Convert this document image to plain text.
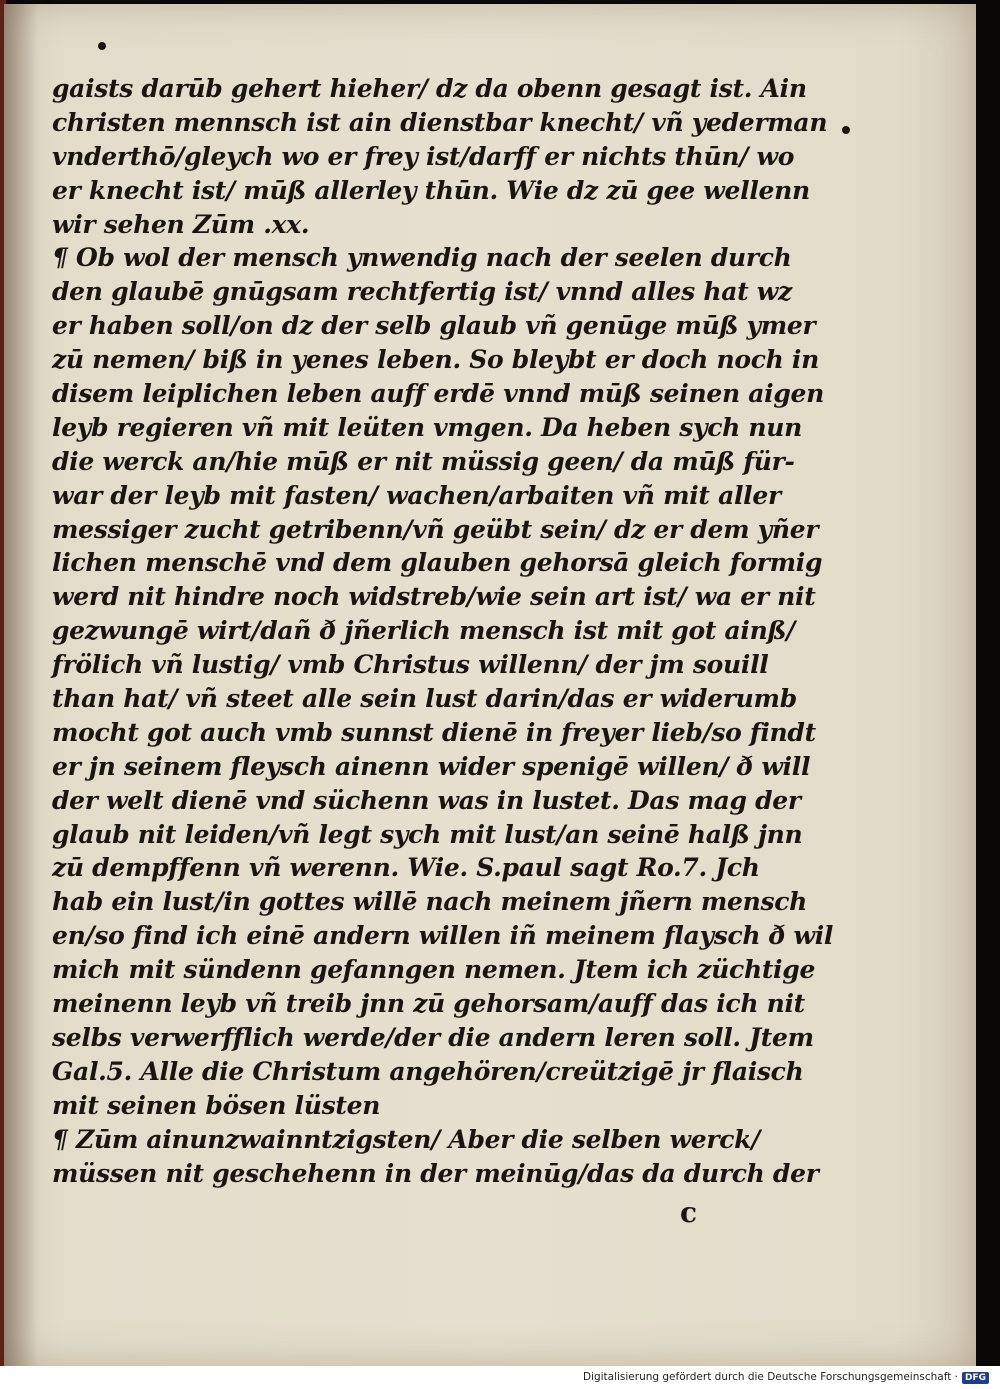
gaists darūb gehert hieher/ dz da obenn gesagt ist. Ain
christen mennsch ist ain dienstbar knecht/ vñ yederman
vnderthō/gleych wo er frey ist/darff er nichts thūn/ wo
er knecht ist/ mūß allerley thūn. Wie dz zū gee wellenn
wir sehen Zūm .xx.
¶ Ob wol der mensch ynwendig nach der seelen durch
den glaubē gnūgsam rechtfertig ist/ vnnd alles hat wz
er haben soll/on dz der selb glaub vñ genūge mūß ymer
zū nemen/ biß in yenes leben. So bleybt er doch noch in
disem leiplichen leben auff erdē vnnd mūß seinen aigen
leyb regieren vñ mit leüten vmgen. Da heben sych nun
die werck an/hie mūß er nit müssig geen/ da mūß für-
war der leyb mit fasten/ wachen/arbaiten vñ mit aller
messiger zucht getribenn/vñ geübt sein/ dz er dem yñer
lichen menschē vnd dem glauben gehorsā gleich formig
werd nit hindre noch widstreb/wie sein art ist/ wa er nit
gezwungē wirt/dañ ð jñerlich mensch ist mit got ainß/
frölich vñ lustig/ vmb Christus willenn/ der jm souill
than hat/ vñ steet alle sein lust darin/das er widerumb
mocht got auch vmb sunnst dienē in freyer lieb/so findt
er jn seinem fleysch ainenn wider spenigē willen/ ð will
der welt dienē vnd süchenn was in lustet. Das mag der
glaub nit leiden/vñ legt sych mit lust/an seinē halß jnn
zū dempffenn vñ werenn. Wie. S.paul sagt Ro.7. Jch
hab ein lust/in gottes willē nach meinem jñern mensch
en/so find ich einē andern willen iñ meinem flaysch ð wil
mich mit sündenn gefanngen nemen. Jtem ich züchtige
meinenn leyb vñ treib jnn zū gehorsam/auff das ich nit
selbs verwerfflich werde/der die andern leren soll. Jtem
Gal.5. Alle die Christum angehören/creützigē jr flaisch
mit seinen bösen lüsten
¶ Zūm ainunzwainntzigsten/ Aber die selben werck/
müssen nit geschehenn in der meinūg/das da durch der
c
Digitalisierung gefördert durch die Deutsche Forschungsgemeinschaft · DFG
